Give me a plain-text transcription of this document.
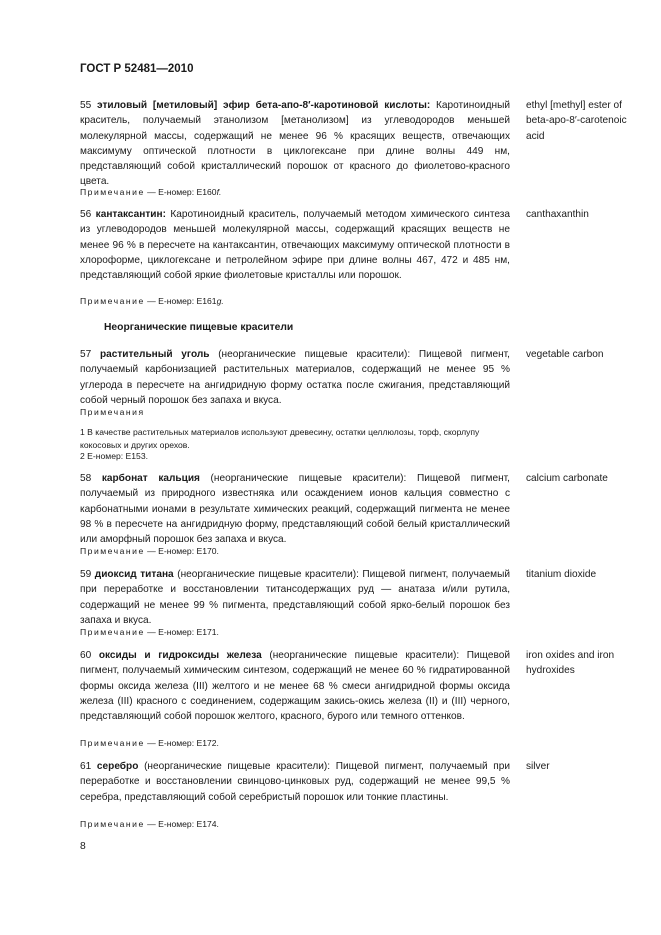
ГОСТ Р 52481—2010
55 этиловый [метиловый] эфир бета-апо-8′-каротиновой кислоты: Каротиноидный краситель, получаемый этанолизом [метанолизом] из углеводородов меньшей молекулярной массы, содержащий не менее 96 % красящих веществ, отвечающих максимуму оптической плотности в циклогексане при длине волны 449 нм, представляющий собой кристаллический порошок от красного до фиолетово-красного цвета.
ethyl [methyl] ester of beta-apo-8′-carotenoic acid
Примечание — Е-номер: Е160f.
56 кантаксантин: Каротиноидный краситель, получаемый методом химического синтеза из углеводородов меньшей молекулярной массы, содержащий красящих веществ не менее 96 % в пересчете на кантаксантин, отвечающих максимуму оптической плотности в хлороформе, циклогексане и петролейном эфире при длине волны 467, 472 и 485 нм, представляющий собой яркие фиолетовые кристаллы или порошок.
canthaxanthin
Примечание — Е-номер: Е161g.
Неорганические пищевые красители
57 растительный уголь (неорганические пищевые красители): Пищевой пигмент, получаемый карбонизацией растительных материалов, содержащий не менее 95 % углерода в пересчете на ангидридную форму остатка после сжигания, представляющий собой черный порошок без запаха и вкуса.
vegetable carbon
Примечания
1 В качестве растительных материалов используют древесину, остатки целлюлозы, торф, скорлупу кокосовых и других орехов.
2 Е-номер: Е153.
58 карбонат кальция (неорганические пищевые красители): Пищевой пигмент, получаемый из природного известняка или осаждением ионов кальция совместно с карбонатными ионами в результате химических реакций, содержащий пигмента не менее 98 % в пересчете на ангидридную форму, представляющий собой белый кристаллический или аморфный порошок без запаха и вкуса.
calcium carbonate
Примечание — Е-номер: Е170.
59 диоксид титана (неорганические пищевые красители): Пищевой пигмент, получаемый при переработке и восстановлении титансодержащих руд — анатаза и/или рутила, содержащий не менее 99 % пигмента, представляющий собой ярко-белый порошок без запаха и вкуса.
titanium dioxide
Примечание — Е-номер: Е171.
60 оксиды и гидроксиды железа (неорганические пищевые красители): Пищевой пигмент, получаемый химическим синтезом, содержащий не менее 60 % гидратированной формы оксида железа (III) желтого и не менее 68 % смеси ангидридной формы оксида железа (III) красного с соединением, содержащим закись-окись железа (II) и (III) черного, представляющий собой порошок желтого, красного, бурого или темного оттенков.
iron oxides and iron hydroxides
Примечание — Е-номер: Е172.
61 серебро (неорганические пищевые красители): Пищевой пигмент, получаемый при переработке и восстановлении свинцово-цинковых руд, содержащий не менее 99,5 % серебра, представляющий собой серебристый порошок или тонкие пластины.
silver
Примечание — Е-номер: Е174.
8
